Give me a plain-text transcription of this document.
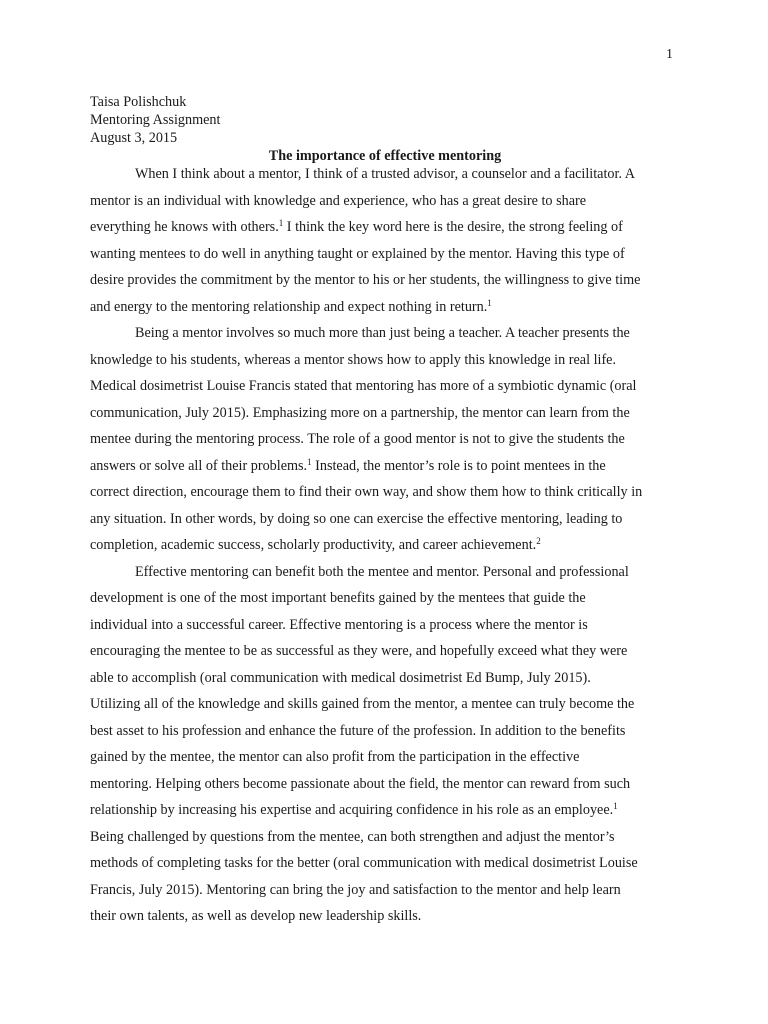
1
Taisa Polishchuk
Mentoring Assignment
August 3, 2015
The importance of effective mentoring
When I think about a mentor, I think of a trusted advisor, a counselor and a facilitator. A
mentor is an individual with knowledge and experience, who has a great desire to share
everything he knows with others.$^1$ I think the key word here is the desire, the strong feeling of
wanting mentees to do well in anything taught or explained by the mentor. Having this type of
desire provides the commitment by the mentor to his or her students, the willingness to give time
and energy to the mentoring relationship and expect nothing in return.$^1$
Being a mentor involves so much more than just being a teacher. A teacher presents the
knowledge to his students, whereas a mentor shows how to apply this knowledge in real life.
Medical dosimetrist Louise Francis stated that mentoring has more of a symbiotic dynamic (oral
communication, July 2015). Emphasizing more on a partnership, the mentor can learn from the
mentee during the mentoring process. The role of a good mentor is not to give the students the
answers or solve all of their problems.$^1$ Instead, the mentor’s role is to point mentees in the
correct direction, encourage them to find their own way, and show them how to think critically in
any situation. In other words, by doing so one can exercise the effective mentoring, leading to
completion, academic success, scholarly productivity, and career achievement.$^2$
Effective mentoring can benefit both the mentee and mentor. Personal and professional
development is one of the most important benefits gained by the mentees that guide the
individual into a successful career. Effective mentoring is a process where the mentor is
encouraging the mentee to be as successful as they were, and hopefully exceed what they were
able to accomplish (oral communication with medical dosimetrist Ed Bump, July 2015).
Utilizing all of the knowledge and skills gained from the mentor, a mentee can truly become the
best asset to his profession and enhance the future of the profession. In addition to the benefits
gained by the mentee, the mentor can also profit from the participation in the effective
mentoring. Helping others become passionate about the field, the mentor can reward from such
relationship by increasing his expertise and acquiring confidence in his role as an employee.$^1$
Being challenged by questions from the mentee, can both strengthen and adjust the mentor’s
methods of completing tasks for the better (oral communication with medical dosimetrist Louise
Francis, July 2015). Mentoring can bring the joy and satisfaction to the mentor and help learn
their own talents, as well as develop new leadership skills.
